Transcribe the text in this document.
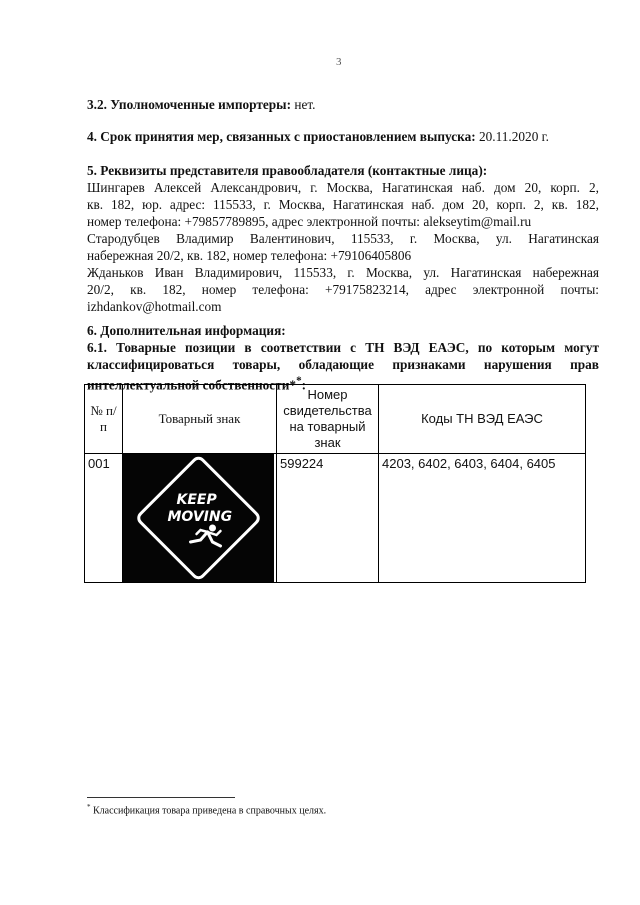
3
3.2. Уполномоченные импортеры: нет.
4. Срок принятия мер, связанных с приостановлением выпуска: 20.11.2020 г.
5. Реквизиты представителя правообладателя (контактные лица):
Шингарев Алексей Александрович, г. Москва, Нагатинская наб. дом 20, корп. 2,
кв. 182, юр. адрес: 115533, г. Москва, Нагатинская наб. дом 20, корп. 2, кв. 182,
номер телефона: +79857789895, адрес электронной почты: alekseytim@mail.ru
Стародубцев Владимир Валентинович, 115533, г. Москва, ул. Нагатинская
набережная 20/2, кв. 182, номер телефона: +79106405806
Жданьков Иван Владимирович, 115533, г. Москва, ул. Нагатинская набережная
20/2, кв. 182, номер телефона: +79175823214, адрес электронной почты:
izhdankov@hotmail.com
6. Дополнительная информация:
6.1. Товарные позиции в соответствии с ТН ВЭД ЕАЭС, по которым могут
классифицироваться товары, обладающие признаками нарушения прав
интеллектуальной собственности**:
№ п/п	Товарный знак	Номер свидетельства на товарный знак	Коды ТН ВЭД ЕАЭС
001	KEEP
MOVING	599224	4203, 6402, 6403, 6404, 6405
* Классификация товара приведена в справочных целях.
